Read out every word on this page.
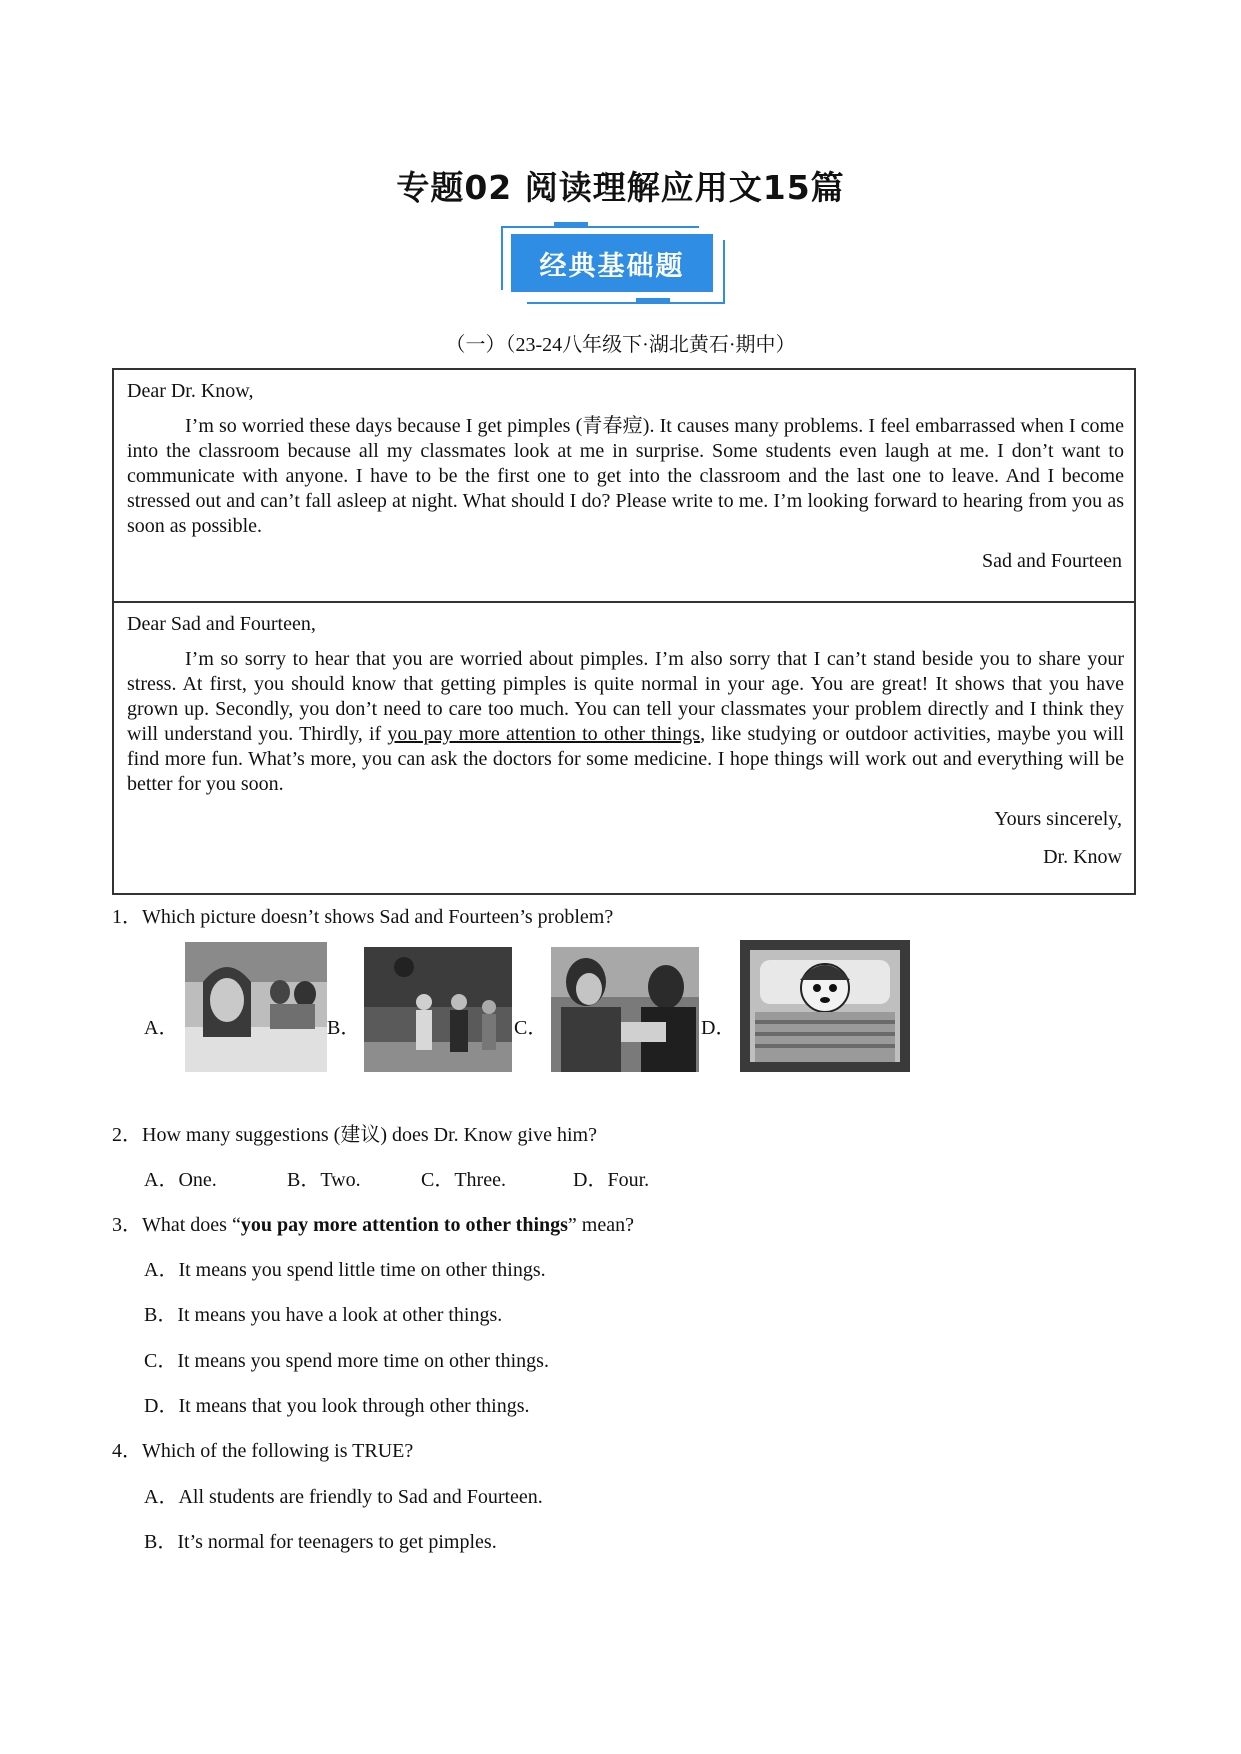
专题02 阅读理解应用文15篇
经典基础题
（一）（23-24八年级下·湖北黄石·期中）
Dear Dr. Know,

I’m so worried these days because I get pimples (青春痘). It causes many problems. I feel embarrassed when I come into the classroom because all my classmates look at me in surprise. Some students even laugh at me. I don’t want to communicate with anyone. I have to be the first one to get into the classroom and the last one to leave. And I become stressed out and can’t fall asleep at night. What should I do? Please write to me. I’m looking forward to hearing from you as soon as possible.

Sad and Fourteen
Dear Sad and Fourteen,

I’m so sorry to hear that you are worried about pimples. I’m also sorry that I can’t stand beside you to share your stress. At first, you should know that getting pimples is quite normal in your age. You are great! It shows that you have grown up. Secondly, you don’t need to care too much. You can tell your classmates your problem directly and I think they will understand you. Thirdly, if you pay more attention to other things, like studying or outdoor activities, maybe you will find more fun. What’s more, you can ask the doctors for some medicine. I hope things will work out and everything will be better for you soon.

Yours sincerely,
Dr. Know
1．Which picture doesn’t shows Sad and Fourteen’s problem?
A．	B．	C．	D．
2．How many suggestions (建议) does Dr. Know give him?
A．One.	B．Two.	C．Three.	D．Four.
3．What does “you pay more attention to other things” mean?
A．It means you spend little time on other things.
B．It means you have a look at other things.
C．It means you spend more time on other things.
D．It means that you look through other things.
4．Which of the following is TRUE?
A．All students are friendly to Sad and Fourteen.
B．It’s normal for teenagers to get pimples.
